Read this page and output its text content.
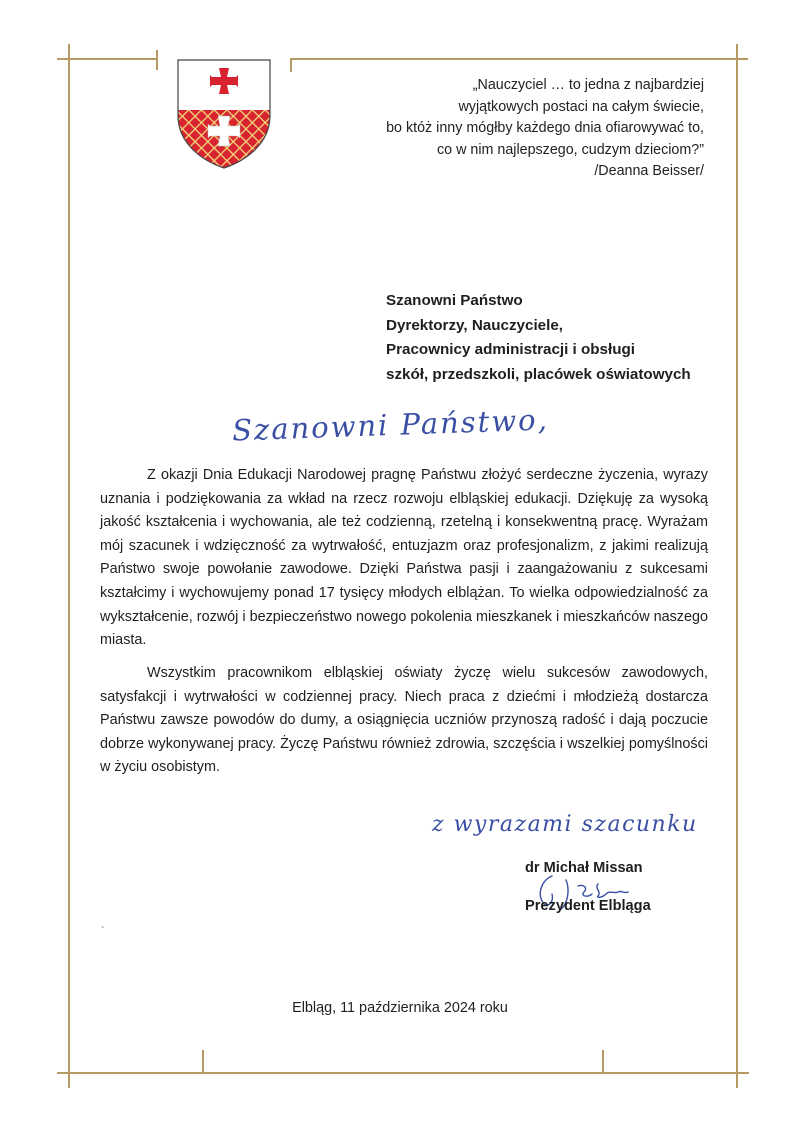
„Nauczyciel … to jedna z najbardziej
wyjątkowych postaci na całym świecie,
bo któż inny mógłby każdego dnia ofiarowywać to,
co w nim najlepszego, cudzym dzieciom?”
/Deanna Beisser/
Szanowni Państwo
Dyrektorzy, Nauczyciele,
Pracownicy administracji i obsługi
szkół, przedszkoli, placówek oświatowych
Szanowni Państwo,

Z okazji Dnia Edukacji Narodowej pragnę Państwu złożyć serdeczne życzenia, wyrazy uznania i podziękowania za wkład na rzecz rozwoju elbląskiej edukacji. Dziękuję za wysoką jakość kształcenia i wychowania, ale też codzienną, rzetelną i konsekwentną pracę. Wyrażam mój szacunek i wdzięczność za wytrwałość, entuzjazm oraz profesjonalizm, z jakimi realizują Państwo swoje powołanie zawodowe. Dzięki Państwa pasji i zaangażowaniu z sukcesami kształcimy i wychowujemy ponad 17 tysięcy młodych elblążan. To wielka odpowiedzialność za wykształcenie, rozwój i bezpieczeństwo nowego pokolenia mieszkanek i mieszkańców naszego miasta.

Wszystkim pracownikom elbląskiej oświaty życzę wielu sukcesów zawodowych, satysfakcji i wytrwałości w codziennej pracy. Niech praca z dziećmi i młodzieżą dostarcza Państwu zawsze powodów do dumy, a osiągnięcia uczniów przynoszą radość i dają poczucie dobrze wykonywanej pracy. Życzę Państwu również zdrowia, szczęścia i wszelkiej pomyślności w życiu osobistym.

z wyrazami szacunku
dr Michał Missan
Prezydent Elbląga
`
Elbląg, 11 października 2024 roku
